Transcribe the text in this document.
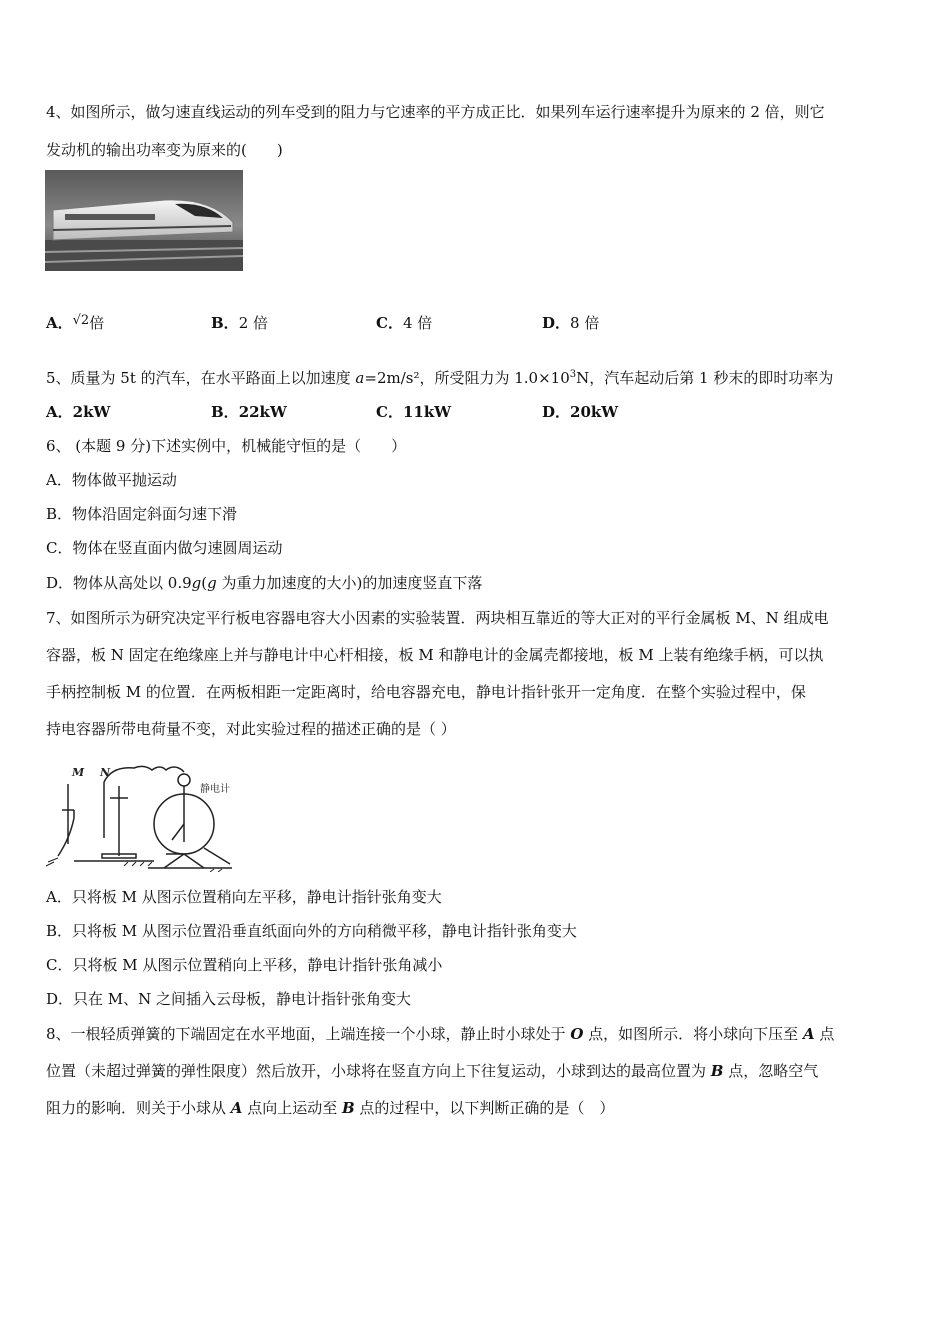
4、如图所示，做匀速直线运动的列车受到的阻力与它速率的平方成正比．如果列车运行速率提升为原来的 2 倍，则它
发动机的输出功率变为原来的(　　)
A．√2倍	B．2 倍	C．4 倍	D．8 倍
5、质量为 5t 的汽车，在水平路面上以加速度 a=2m/s²，所受阻力为 $1.0\times 10^3N$，汽车起动后第 1 秒末的即时功率为
A．2kW	B．22kW	C．11kW	D．20kW
6、 (本题 9 分)下述实例中，机械能守恒的是（　　）
A．物体做平抛运动
B．物体沿固定斜面匀速下滑
C．物体在竖直面内做匀速圆周运动
D．物体从高处以 0.9g(g 为重力加速度的大小)的加速度竖直下落
7、如图所示为研究决定平行板电容器电容大小因素的实验装置．两块相互靠近的等大正对的平行金属板 M、N 组成电
容器，板 N 固定在绝缘座上并与静电计中心杆相接，板 M 和静电计的金属壳都接地，板 M 上装有绝缘手柄，可以执
手柄控制板 M 的位置．在两板相距一定距离时，给电容器充电，静电计指针张开一定角度．在整个实验过程中，保
持电容器所带电荷量不变，对此实验过程的描述正确的是（ ）
M N
静电计
A．只将板 M 从图示位置稍向左平移，静电计指针张角变大
B．只将板 M 从图示位置沿垂直纸面向外的方向稍微平移，静电计指针张角变大
C．只将板 M 从图示位置稍向上平移，静电计指针张角减小
D．只在 M、N 之间插入云母板，静电计指针张角变大
8、一根轻质弹簧的下端固定在水平地面，上端连接一个小球，静止时小球处于 O 点，如图所示．将小球向下压至 A 点
位置（未超过弹簧的弹性限度）然后放开，小球将在竖直方向上下往复运动，小球到达的最高位置为 B 点，忽略空气
阻力的影响．则关于小球从 A 点向上运动至 B 点的过程中，以下判断正确的是（　）
